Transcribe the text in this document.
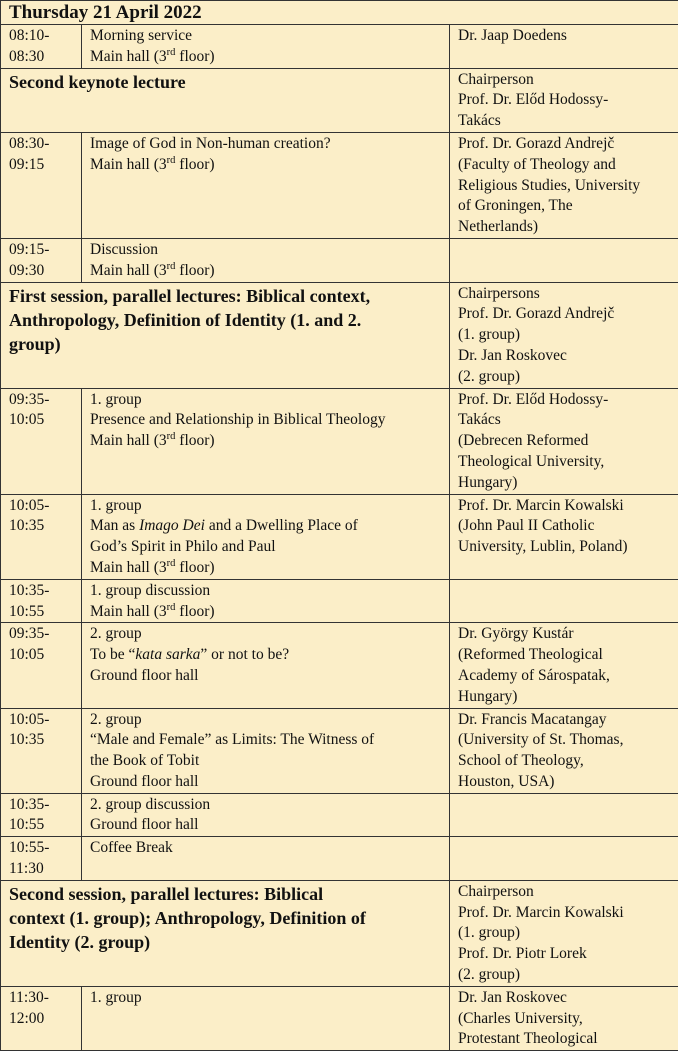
Thursday 21 April 2022		

08:10-
08:30	Morning service
Main hall (3rd floor)	Dr. Jaap Doedens

Second keynote lecture		Chairperson
Prof. Dr. Előd Hodossy-
Takács

08:30-
09:15	Image of God in Non-human creation?
Main hall (3rd floor)	Prof. Dr. Gorazd Andrejč
(Faculty of Theology and
Religious Studies, University
of Groningen, The
Netherlands)

09:15-
09:30	Discussion
Main hall (3rd floor)	

First session, parallel lectures: Biblical context,
Anthropology, Definition of Identity (1. and 2.
group)		Chairpersons
Prof. Dr. Gorazd Andrejč
(1. group)
Dr. Jan Roskovec
(2. group)

09:35-
10:05	1. group
Presence and Relationship in Biblical Theology
Main hall (3rd floor)	Prof. Dr. Előd Hodossy-
Takács
(Debrecen Reformed
Theological University,
Hungary)

10:05-
10:35	1. group
Man as Imago Dei and a Dwelling Place of
God’s Spirit in Philo and Paul
Main hall (3rd floor)	Prof. Dr. Marcin Kowalski
(John Paul II Catholic
University, Lublin, Poland)

10:35-
10:55	1. group discussion
Main hall (3rd floor)	

09:35-
10:05	2. group
To be “kata sarka” or not to be?
Ground floor hall	Dr. György Kustár
(Reformed Theological
Academy of Sárospatak,
Hungary)

10:05-
10:35	2. group
“Male and Female” as Limits: The Witness of
the Book of Tobit
Ground floor hall	Dr. Francis Macatangay
(University of St. Thomas,
School of Theology,
Houston, USA)

10:35-
10:55	2. group discussion
Ground floor hall	

10:55-
11:30	Coffee Break	

Second session, parallel lectures: Biblical
context (1. group); Anthropology, Definition of
Identity (2. group)		Chairperson
Prof. Dr. Marcin Kowalski
(1. group)
Prof. Dr. Piotr Lorek
(2. group)

11:30-
12:00	1. group	Dr. Jan Roskovec
(Charles University,
Protestant Theological
